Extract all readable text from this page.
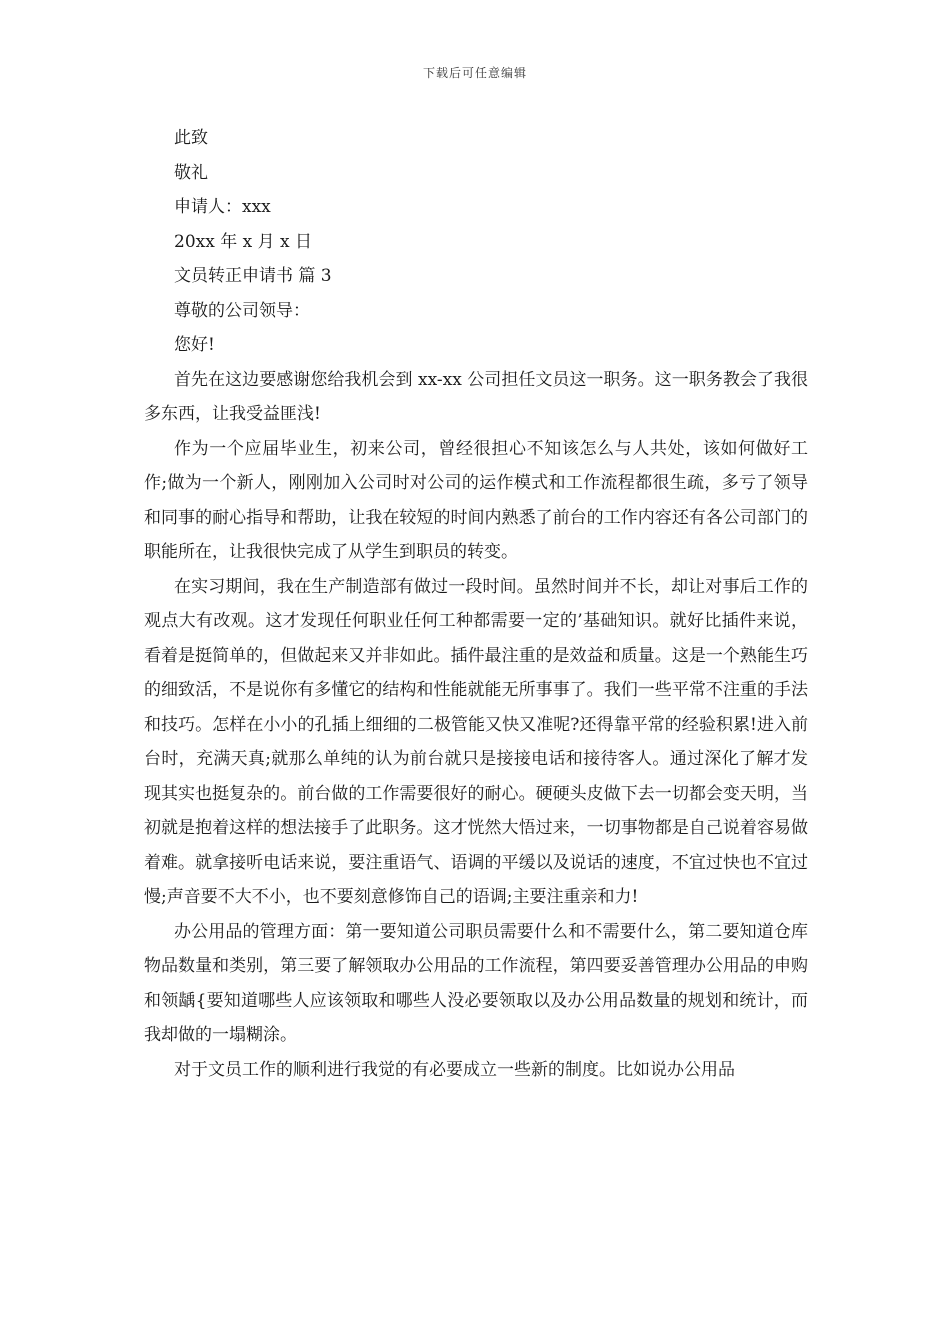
下载后可任意编辑
此致
敬礼
申请人：xxx
20xx 年 x 月 x 日
文员转正申请书 篇 3
尊敬的公司领导：
您好!

首先在这边要感谢您给我机会到 xx-xx 公司担任文员这一职务。这一职务教会了我很多东西，让我受益匪浅!

作为一个应届毕业生，初来公司，曾经很担心不知该怎么与人共处，该如何做好工作;做为一个新人，刚刚加入公司时对公司的运作模式和工作流程都很生疏，多亏了领导和同事的耐心指导和帮助，让我在较短的时间内熟悉了前台的工作内容还有各公司部门的职能所在，让我很快完成了从学生到职员的转变。

在实习期间，我在生产制造部有做过一段时间。虽然时间并不长，却让对事后工作的观点大有改观。这才发现任何职业任何工种都需要一定的’基础知识。就好比插件来说，看着是挺简单的，但做起来又并非如此。插件最注重的是效益和质量。这是一个熟能生巧的细致活，不是说你有多懂它的结构和性能就能无所事事了。我们一些平常不注重的手法和技巧。怎样在小小的孔插上细细的二极管能又快又准呢?还得靠平常的经验积累!进入前台时，充满天真;就那么单纯的认为前台就只是接接电话和接待客人。通过深化了解才发现其实也挺复杂的。前台做的工作需要很好的耐心。硬硬头皮做下去一切都会变天明，当初就是抱着这样的想法接手了此职务。这才恍然大悟过来，一切事物都是自己说着容易做着难。就拿接听电话来说，要注重语气、语调的平缓以及说话的速度，不宜过快也不宜过慢;声音要不大不小，也不要刻意修饰自己的语调;主要注重亲和力!

办公用品的管理方面：第一要知道公司职员需要什么和不需要什么，第二要知道仓库物品数量和类别，第三要了解领取办公用品的工作流程，第四要妥善管理办公用品的申购和领龋{要知道哪些人应该领取和哪些人没必要领取以及办公用品数量的规划和统计，而我却做的一塌糊涂。

对于文员工作的顺利进行我觉的有必要成立一些新的制度。比如说办公用品
